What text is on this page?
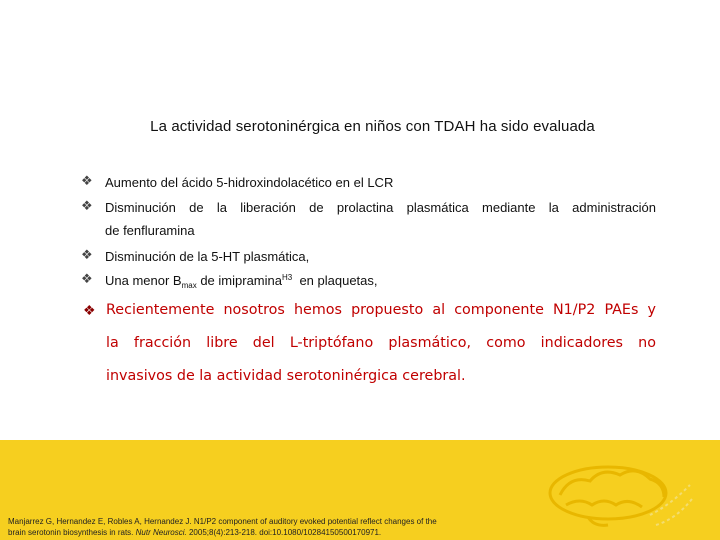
La actividad serotoninérgica en niños con TDAH ha sido evaluada
❖ Aumento del ácido 5-hidroxindolacético en el LCR
❖ Disminución de la liberación de prolactina plasmática mediante la administración
de fenfluramina
❖ Disminución de la 5-HT plasmática,
❖ Una menor $B_{max}$ de imipramina$^{H3}$  en plaquetas,
❖ Recientemente nosotros hemos propuesto al componente N1/P2 PAEs y
la fracción libre del L-triptófano plasmático, como indicadores no
invasivos de la actividad serotoninérgica cerebral.
Manjarrez G, Hernandez E, Robles A, Hernandez J. N1/P2 component of auditory evoked potential reflect changes of the
brain serotonin biosynthesis in rats. Nutr Neurosci. 2005;8(4):213-218. doi:10.1080/10284150500170971.
